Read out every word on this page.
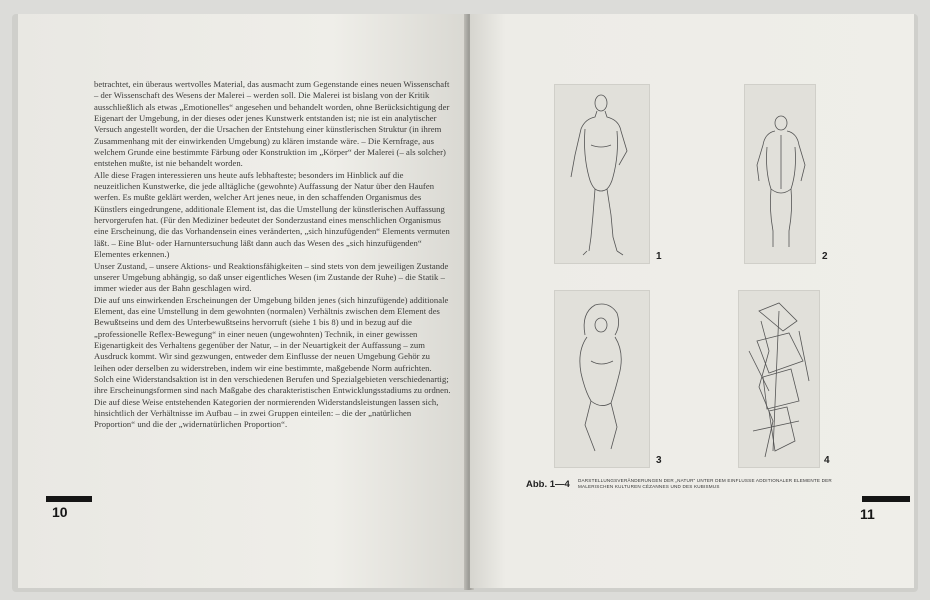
betrachtet, ein überaus wertvolles Material, das ausmacht zum Gegenstande eines neuen Wissenschaft – der Wissenschaft des Wesens der Malerei – werden soll. Die Malerei ist bislang von der Kritik ausschließlich als etwas „Emotionelles“ angesehen und behandelt worden, ohne Berücksichtigung der Eigenart der Umgebung, in der dieses oder jenes Kunstwerk entstanden ist; nie ist ein analytischer Versuch angestellt worden, der die Ursachen der Entstehung einer künstlerischen Struktur (in ihrem Zusammenhang mit der einwirkenden Umgebung) zu klären imstande wäre. – Die Kernfrage, aus welchem Grunde eine bestimmte Färbung oder Konstruktion im „Körper“ der Malerei (– als solcher) entstehen mußte, ist nie behandelt worden.

Alle diese Fragen interessieren uns heute aufs lebhafteste; besonders im Hinblick auf die neuzeitlichen Kunstwerke, die jede alltägliche (gewohnte) Auffassung der Natur über den Haufen werfen. Es mußte geklärt werden, welcher Art jenes neue, in den schaffenden Organismus des Künstlers eingedrungene, additionale Element ist, das die Umstellung der künstlerischen Auffassung hervorgerufen hat. (Für den Mediziner bedeutet der Sonderzustand eines menschlichen Organismus eine Erscheinung, die das Vorhandensein eines veränderten, „sich hinzufügenden“ Elements vermuten läßt. – Eine Blut- oder Harnuntersuchung läßt dann auch das Wesen des „sich hinzufügenden“ Elementes erkennen.)

Unser Zustand, – unsere Aktions- und Reaktionsfähigkeiten – sind stets von dem jeweiligen Zustande unserer Umgebung abhängig, so daß unser eigentliches Wesen (im Zustande der Ruhe) – die Statik – immer wieder aus der Bahn geschlagen wird.

Die auf uns einwirkenden Erscheinungen der Umgebung bilden jenes (sich hinzufügende) additionale Element, das eine Umstellung in dem gewohnten (normalen) Verhältnis zwischen dem Element des Bewußtseins und dem des Unterbewußtseins hervorruft (siehe 1 bis 8) und in bezug auf die „professionelle Reflex-Bewegung“ in einer neuen (ungewohnten) Technik, in einer gewissen Eigenartigkeit des Verhaltens gegenüber der Natur, – in der Neuartigkeit der Auffassung – zum Ausdruck kommt. Wir sind gezwungen, entweder dem Einflusse der neuen Umgebung Gehör zu leihen oder derselben zu widerstreben, indem wir eine bestimmte, maßgebende Norm aufrichten. Solch eine Widerstandsaktion ist in den verschiedenen Berufen und Spezialgebieten verschiedenartig; ihre Erscheinungsformen sind nach Maßgabe des charakteristischen Entwicklungsstadiums zu ordnen. Die auf diese Weise entstehenden Kategorien der normierenden Widerstandsleistungen lassen sich, hinsichtlich der Verhältnisse im Aufbau – in zwei Gruppen einteilen: – die der „natürlichen Proportion“ und die der „widernatürlichen Proportion“.

10
1	2
3	4
Abb. 1—4 DARSTELLUNGSVERÄNDERUNGEN DER „NATUR“ UNTER DEM EINFLUSSE ADDITIONALER ELEMENTE DER MALERISCHEN KULTUREN CÉZANNES UND DES KUBISMUS
11
